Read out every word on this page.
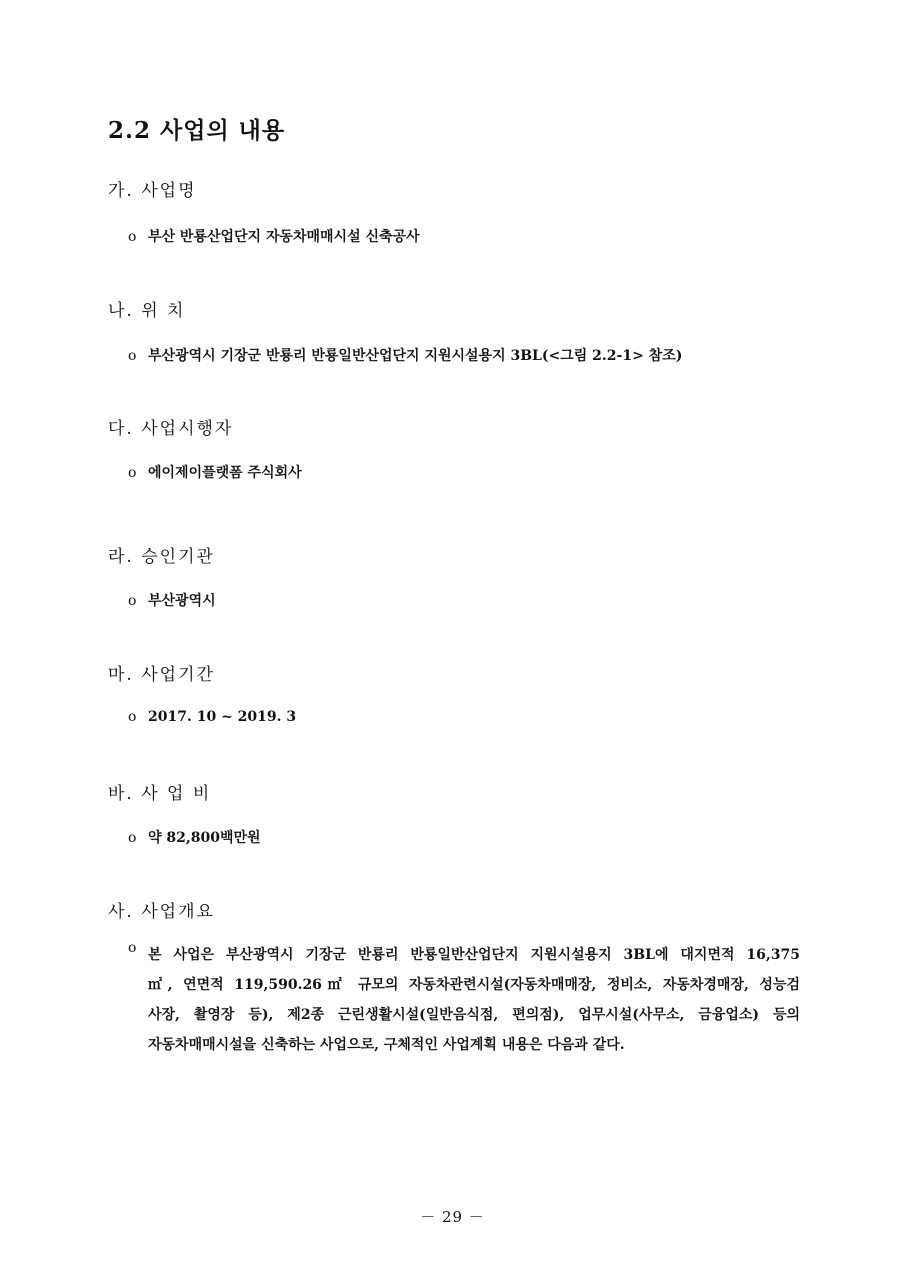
2.2 사업의 내용
가. 사업명
o 부산 반룡산업단지 자동차매매시설 신축공사
나. 위 치
o 부산광역시 기장군 반룡리 반룡일반산업단지 지원시설용지 3BL(<그림 2.2-1> 참조)
다. 사업시행자
o 에이제이플랫폼 주식회사
라. 승인기관
o 부산광역시
마. 사업기간
o 2017. 10 ~ 2019. 3
바. 사 업 비
o 약 82,800백만원
사. 사업개요
o 본 사업은 부산광역시 기장군 반룡리 반룡일반산업단지 지원시설용지 3BL에 대지면적 16,375
㎡, 연면적 119,590.26㎡ 규모의 자동차관련시설(자동차매매장, 정비소, 자동차경매장, 성능검
사장, 촬영장 등), 제2종 근린생활시설(일반음식점, 편의점), 업무시설(사무소, 금융업소) 등의
자동차매매시설을 신축하는 사업으로, 구체적인 사업계획 내용은 다음과 같다.
－ 29 －
